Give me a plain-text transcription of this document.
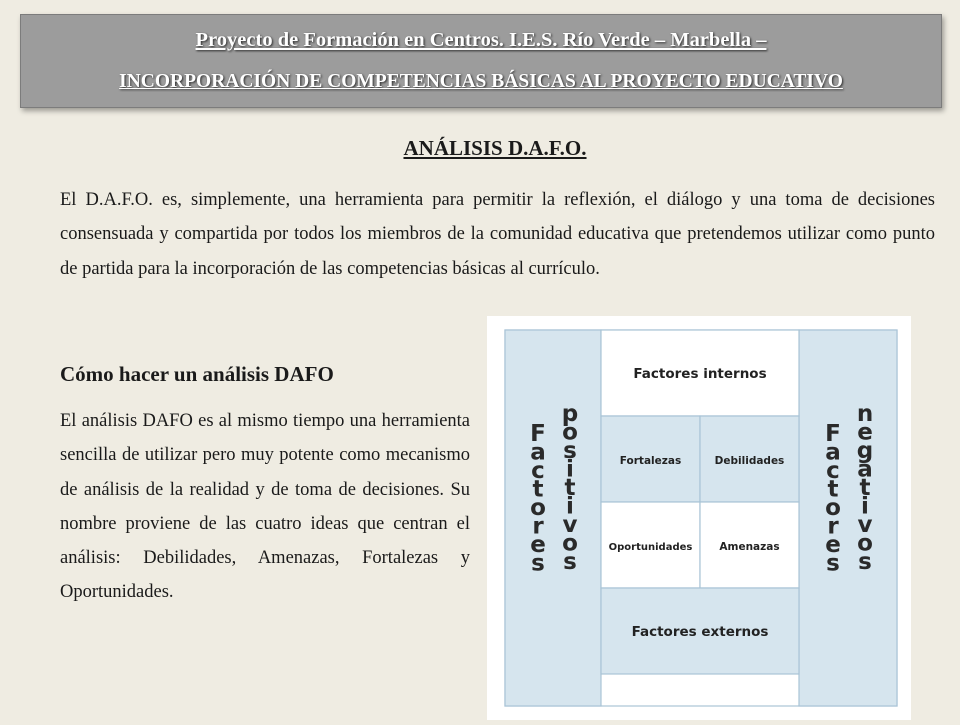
Proyecto de Formación en Centros. I.E.S. Río Verde – Marbella –
INCORPORACIÓN DE COMPETENCIAS BÁSICAS AL PROYECTO EDUCATIVO
ANÁLISIS D.A.F.O.

El D.A.F.O. es, simplemente, una herramienta para permitir la reflexión, el diálogo y una toma de decisiones consensuada y compartida por todos los miembros de la comunidad educativa que pretendemos utilizar como punto de partida para la incorporación de las competencias básicas al currículo.

Cómo hacer un análisis DAFO

El análisis DAFO es al mismo tiempo una herramienta sencilla de utilizar pero muy potente como mecanismo de análisis de la realidad y de toma de decisiones. Su nombre proviene de las cuatro ideas que centran el análisis: Debilidades, Amenazas, Fortalezas y Oportunidades.

Factores internos
Fortalezas	Debilidades
Oportunidades	Amenazas
Factores externos
F
a
c
t
o
r
e
s
p
o
s
i
t
i
v
o
s
F
a
c
t
o
r
e
s
n
e
g
a
t
i
v
o
s
